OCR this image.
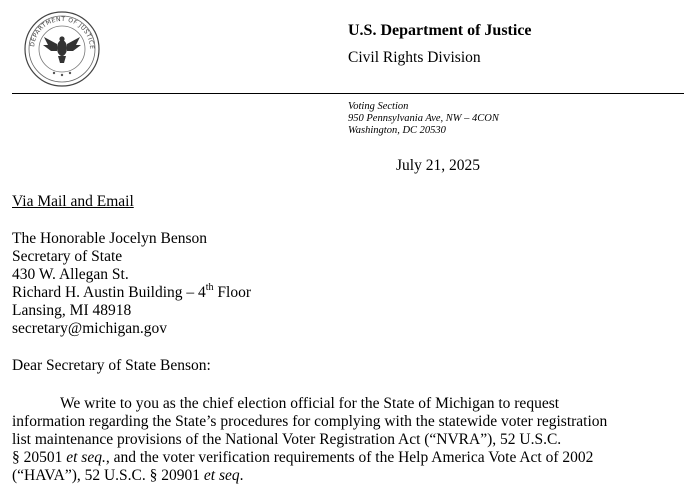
DEPARTMENT OF JUSTICE
U.S. Department of Justice
Civil Rights Division
Voting Section
950 Pennsylvania Ave, NW – 4CON
Washington, DC 20530
July 21, 2025
Via Mail and Email
The Honorable Jocelyn Benson
Secretary of State
430 W. Allegan St.
Richard H. Austin Building – 4th Floor
Lansing, MI 48918
secretary@michigan.gov
Dear Secretary of State Benson:
We write to you as the chief election official for the State of Michigan to request
information regarding the State’s procedures for complying with the statewide voter registration
list maintenance provisions of the National Voter Registration Act (“NVRA”), 52 U.S.C.
§ 20501 et seq., and the voter verification requirements of the Help America Vote Act of 2002
(“HAVA”), 52 U.S.C. § 20901 et seq.
